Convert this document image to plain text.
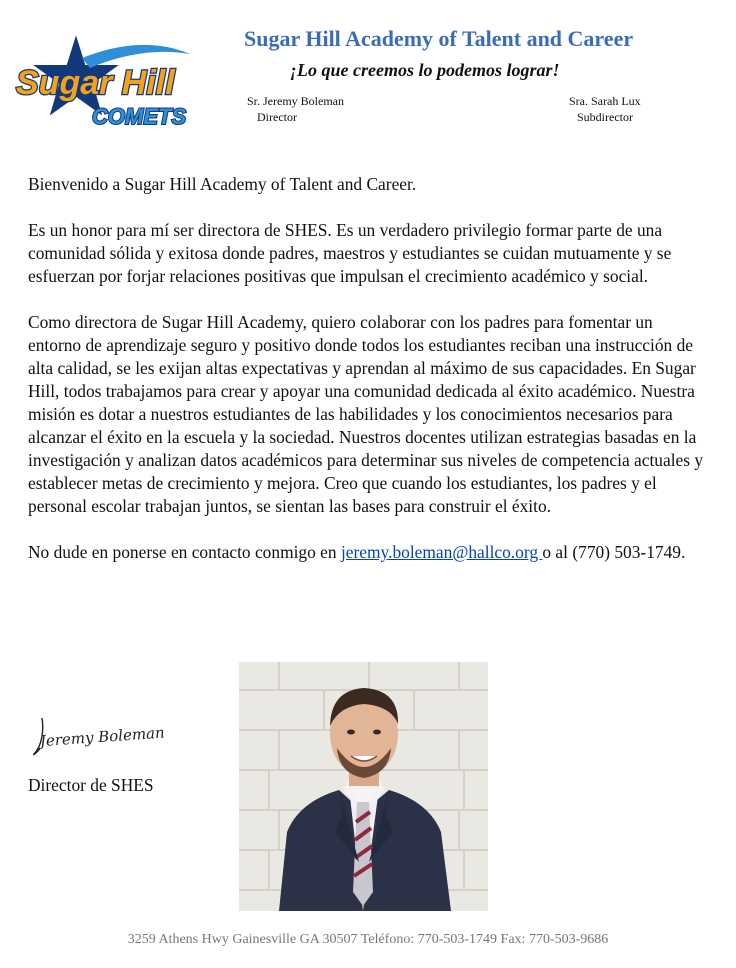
Sugar Hill
COMETS
Sugar Hill Academy of Talent and Career
¡Lo que creemos lo podemos lograr!
Sr. Jeremy Boleman
Director
Sra. Sarah Lux
Subdirector

Bienvenido a Sugar Hill Academy of Talent and Career.

Es un honor para mí ser directora de SHES. Es un verdadero privilegio formar parte de una comunidad sólida y exitosa donde padres, maestros y estudiantes se cuidan mutuamente y se esfuerzan por forjar relaciones positivas que impulsan el crecimiento académico y social.

Como directora de Sugar Hill Academy, quiero colaborar con los padres para fomentar un entorno de aprendizaje seguro y positivo donde todos los estudiantes reciban una instrucción de alta calidad, se les exijan altas expectativas y aprendan al máximo de sus capacidades. En Sugar Hill, todos trabajamos para crear y apoyar una comunidad dedicada al éxito académico. Nuestra misión es dotar a nuestros estudiantes de las habilidades y los conocimientos necesarios para alcanzar el éxito en la escuela y la sociedad. Nuestros docentes utilizan estrategias basadas en la investigación y analizan datos académicos para determinar sus niveles de competencia actuales y establecer metas de crecimiento y mejora. Creo que cuando los estudiantes, los padres y el personal escolar trabajan juntos, se sientan las bases para construir el éxito.

No dude en ponerse en contacto conmigo en jeremy.boleman@hallco.org o al (770) 503-1749.

Jeremy Boleman
Director de SHES
3259 Athens Hwy Gainesville GA 30507 Teléfono: 770-503-1749 Fax: 770-503-9686
